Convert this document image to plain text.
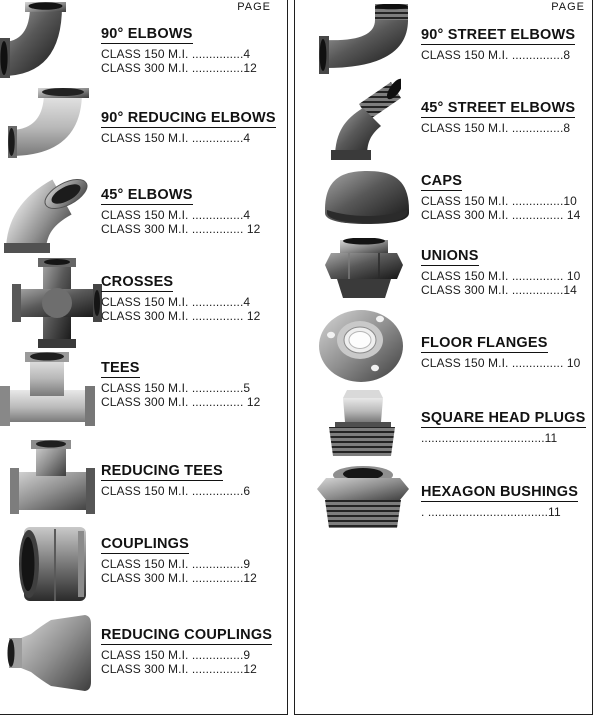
PAGE
90° ELBOWS
CLASS 150 M.I. ...............4
CLASS 300 M.I. ...............12
90° REDUCING ELBOWS
CLASS 150 M.I. ...............4
45° ELBOWS
CLASS 150 M.I. ...............4
CLASS 300 M.I. ............... 12
CROSSES
CLASS 150 M.I. ...............4
CLASS 300 M.I. ............... 12
TEES
CLASS 150 M.I. ...............5
CLASS 300 M.I. ............... 12
REDUCING TEES
CLASS 150 M.I. ...............6
COUPLINGS
CLASS 150 M.I. ...............9
CLASS 300 M.I. ...............12
REDUCING COUPLINGS
CLASS 150 M.I. ...............9
CLASS 300 M.I. ...............12
PAGE
90° STREET ELBOWS
CLASS 150 M.I. ...............8
45° STREET ELBOWS
CLASS 150 M.I. ...............8
CAPS
CLASS 150 M.I. ...............10
CLASS 300 M.I. ............... 14
UNIONS
CLASS 150 M.I. ............... 10
CLASS 300 M.I. ...............14
FLOOR FLANGES
CLASS 150 M.I. ............... 10
SQUARE HEAD PLUGS
....................................11
HEXAGON BUSHINGS
. ...................................11
